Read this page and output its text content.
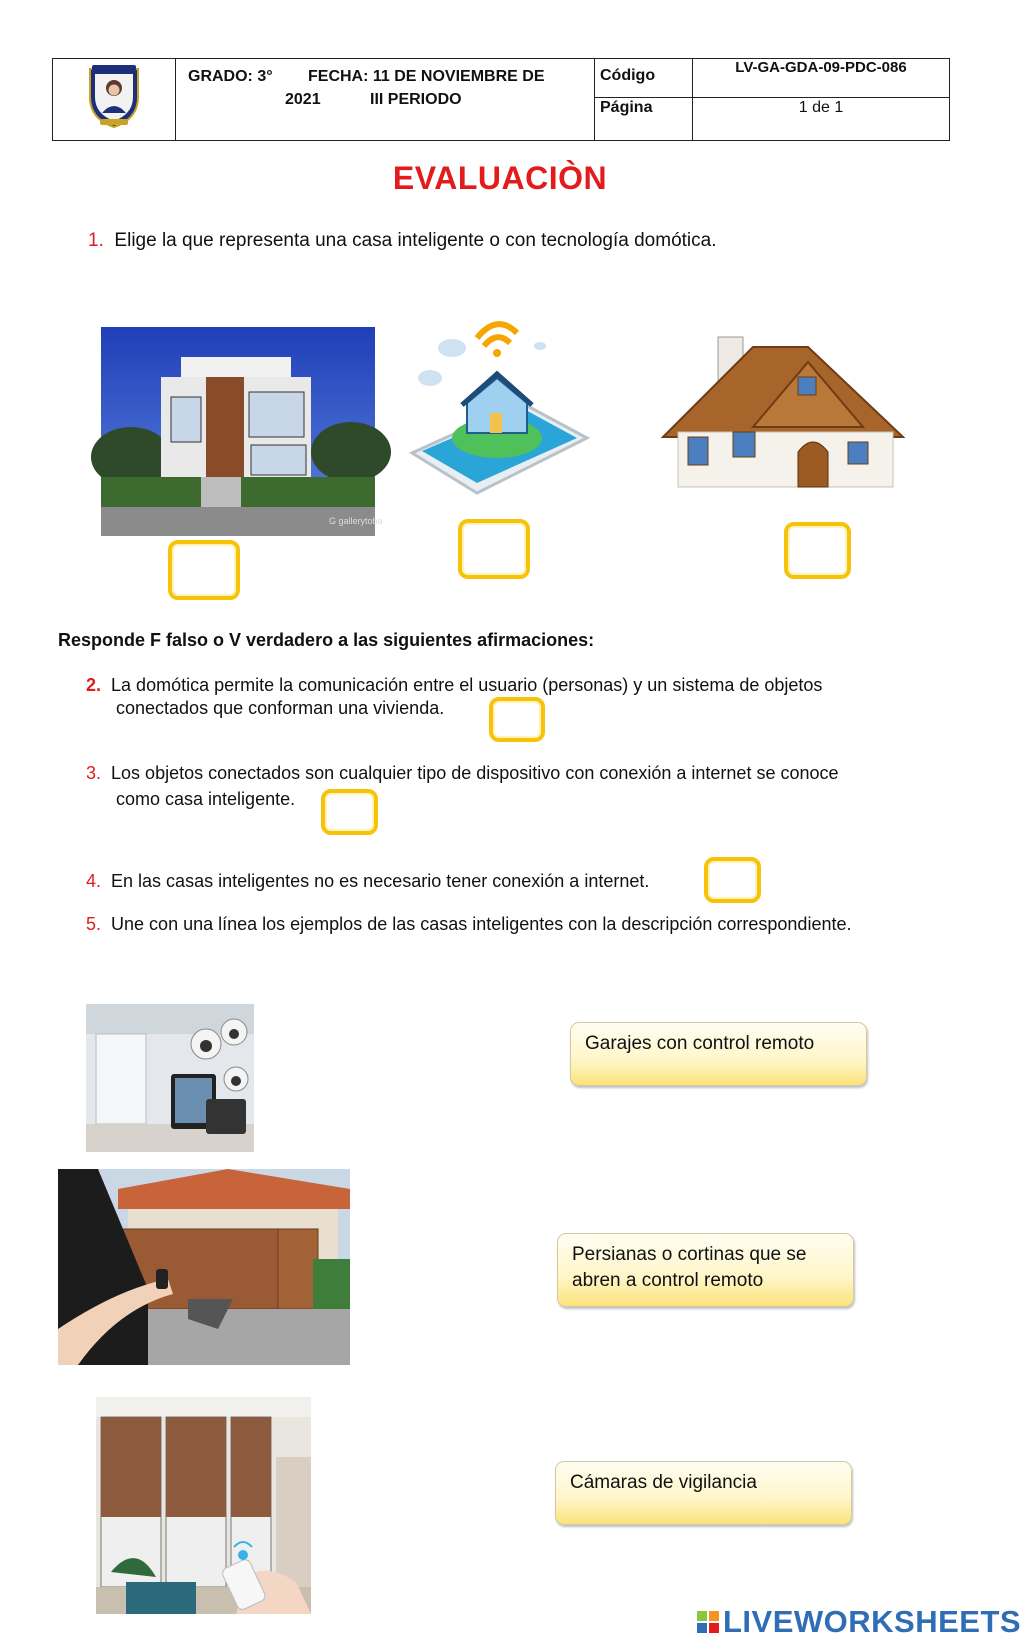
GRADO: 3° FECHA: 11 DE NOVIEMBRE DE
2021	III PERIODO
Código
Página
LV-GA-GDA-09-PDC-086
1 de 1
EVALUACIÒN
1. Elige la que representa una casa inteligente o con tecnología domótica.
G gallerytoba
Responde F falso o V verdadero a las siguientes afirmaciones:
2. La domótica permite la comunicación entre el usuario (personas) y un sistema de objetos
conectados que conforman una vivienda.
3. Los objetos conectados son cualquier tipo de dispositivo con conexión a internet se conoce
como casa inteligente.
4. En las casas inteligentes no es necesario tener conexión a internet.
5. Une con una línea los ejemplos de las casas inteligentes con la descripción correspondiente.
Garajes con control remoto
Persianas o cortinas que se
abren a control remoto
Cámaras de vigilancia
LIVEWORKSHEETS
